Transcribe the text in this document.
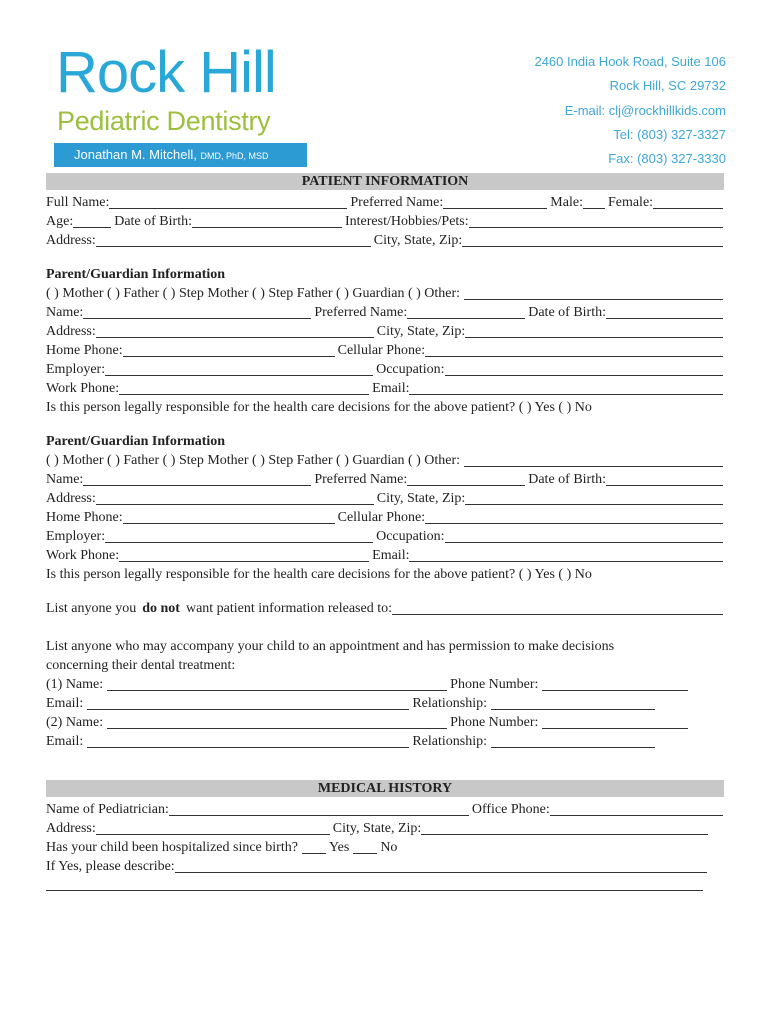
Rock Hill
Pediatric Dentistry
Jonathan M. Mitchell, DMD, PhD, MSD
2460 India Hook Road, Suite 106
Rock Hill, SC 29732
E-mail: clj@rockhillkids.com
Tel: (803) 327-3327
Fax: (803) 327-3330
PATIENT INFORMATION
Full Name:	Preferred Name:	Male: Female:
Age:	Date of Birth:	Interest/Hobbies/Pets:
Address:	City, State, Zip:
Parent/Guardian Information
( ) Mother ( ) Father ( ) Step Mother ( ) Step Father ( ) Guardian ( ) Other:
Name:	Preferred Name:	Date of Birth:
Address:	City, State, Zip:
Home Phone:	Cellular Phone:
Employer:	Occupation:
Work Phone:	Email:
Is this person legally responsible for the health care decisions for the above patient? ( ) Yes ( ) No
Parent/Guardian Information
( ) Mother ( ) Father ( ) Step Mother ( ) Step Father ( ) Guardian ( ) Other:
Name:	Preferred Name:	Date of Birth:
Address:	City, State, Zip:
Home Phone:	Cellular Phone:
Employer:	Occupation:
Work Phone:	Email:
Is this person legally responsible for the health care decisions for the above patient? ( ) Yes ( ) No
List anyone you do not want patient information released to:
List anyone who may accompany your child to an appointment and has permission to make decisions
concerning their dental treatment:
(1) Name:	Phone Number:
Email:	Relationship:
(2) Name:	Phone Number:
Email:	Relationship:
MEDICAL HISTORY
Name of Pediatrician:	Office Phone:
Address:	City, State, Zip:
Has your child been hospitalized since birth? Yes No
If Yes, please describe:
